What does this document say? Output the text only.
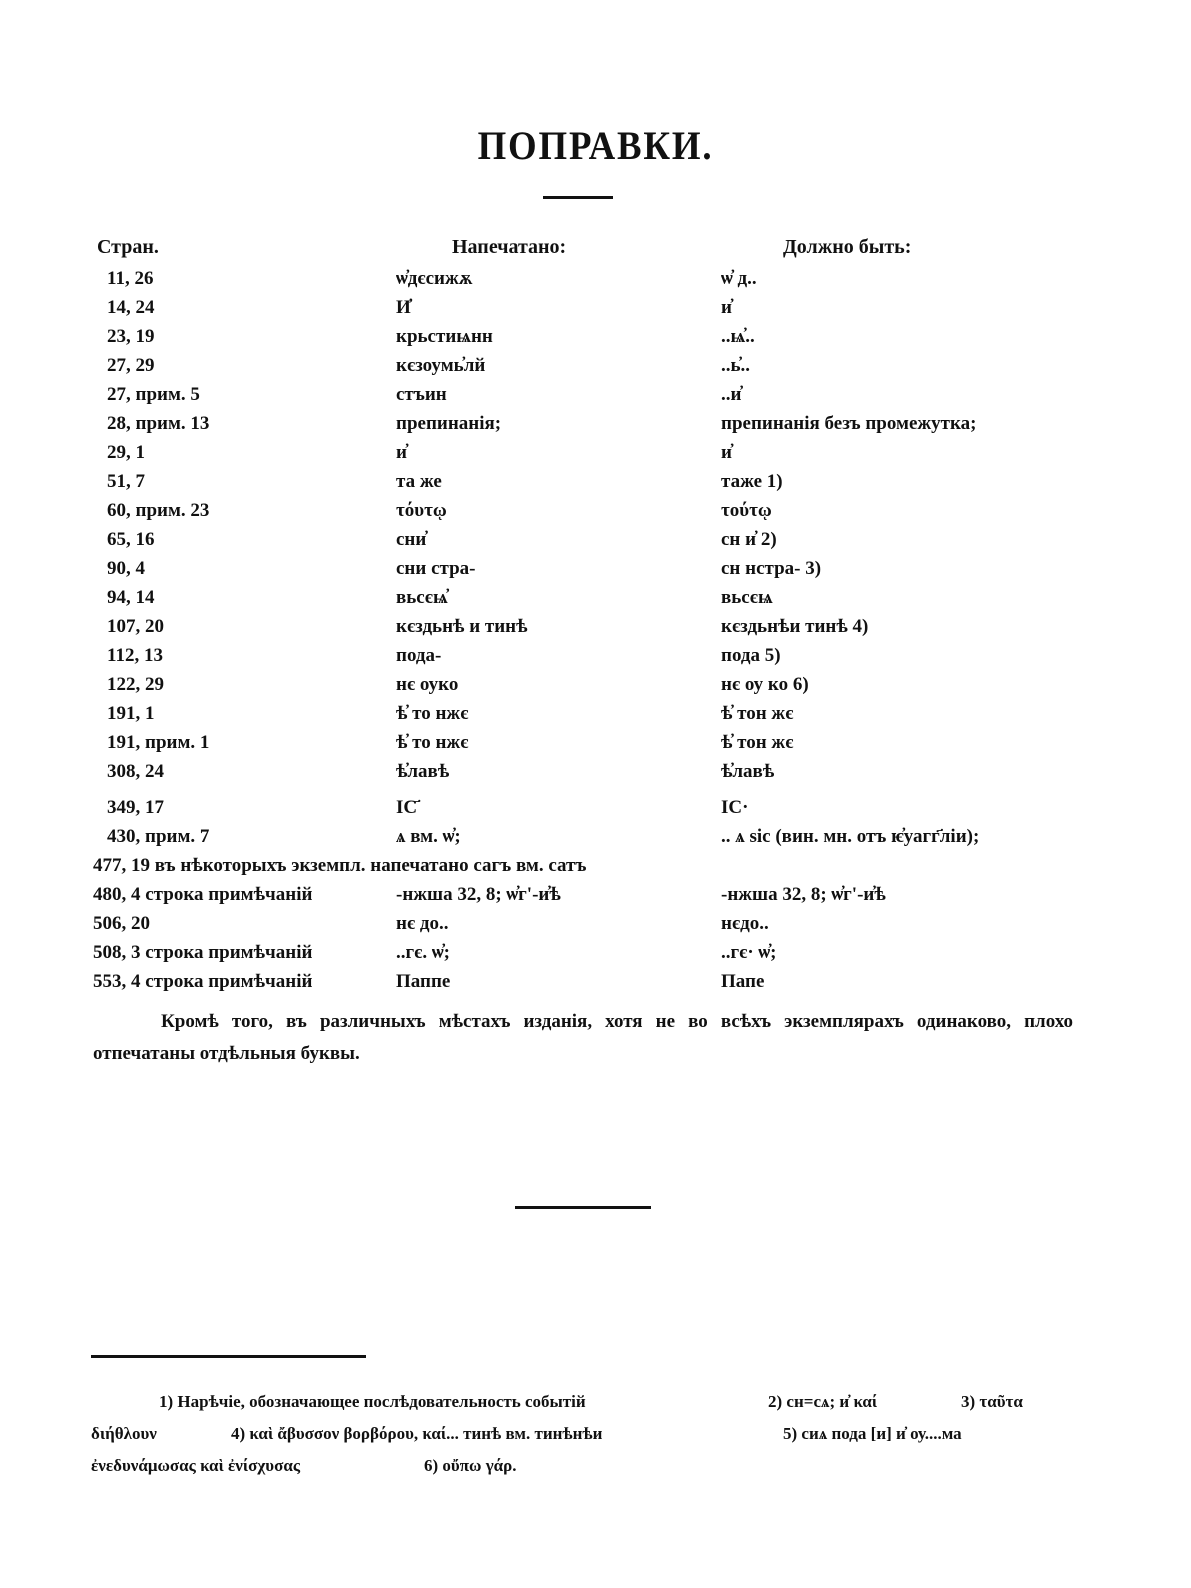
ПОПРАВКИ.
Стран.	Напечатано:	Должно быть:
11, 26	ѡ҆дєсижѫ	ѡ҆ д..
14, 24	И҆	и҆
23, 19	крьстиѩнн	..ѩ҆..
27, 29	кєзоумь҆лй	..ь҆..
27, прим. 5	стъин	..и҆
28, прим. 13	препинанія;	препинанія безъ промежутка;
29, 1	и҆	и҆
51, 7	та же	таже 1)
60, прим. 23	τόυτῳ	τούτῳ
65, 16	сни҆	сн и҆ 2)
90, 4	сни стра-	сн нстра- 3)
94, 14	вьсєѩ҆	вьсєѩ
107, 20	кєздьнѣ и тинѣ	кєздьнѣи тинѣ 4)
112, 13	пода-	пода 5)
122, 29	нє оуко	нє оу ко 6)
191, 1	ѣ҆ то нжє	ѣ҆ тон жє
191, прим. 1	ѣ҆ то нжє	ѣ҆ тон жє
308, 24	ѣ҆лавѣ	ѣ҆лавѣ
349, 17	ІС҃	ІС·
430, прим. 7	ѧ вм. ѡ҆;	.. ѧ sic (вин. мн. отъ ѥ҆уагг҃ліи);
477, 19 въ нѣкоторыхъ экземпл. напечатано сагъ вм. сатъ
480, 4 строка примѣчаній	-нжша 32, 8; ѡ҆г'-и҆ѣ	-нжша 32, 8; ѡ҆г'-и҆ѣ
506, 20	нє до..	нєдо..
508, 3 строка примѣчаній	..гє. ѡ҆;	..гє· ѡ҆;
553, 4 строка примѣчаній	Паппе	Папе
Кромѣ того, въ различныхъ мѣстахъ изданія, хотя не во всѣхъ экземплярахъ одинаково, плохо отпечатаны отдѣльныя буквы.
1) Нарѣчіе, обозначающее послѣдовательность событій	2) сн=сѧ; и҆ καί	3) ταῦτα
διήθλουν	4) καὶ ἄβυσσον βορβόρου, καί... тинѣ вм. тинѣнѣи	5) сиѧ пода [и] и҆ оу....ма
ἐνεδυνάμωσας καὶ ἐνίσχυσας	6) οὔπω γάρ.
